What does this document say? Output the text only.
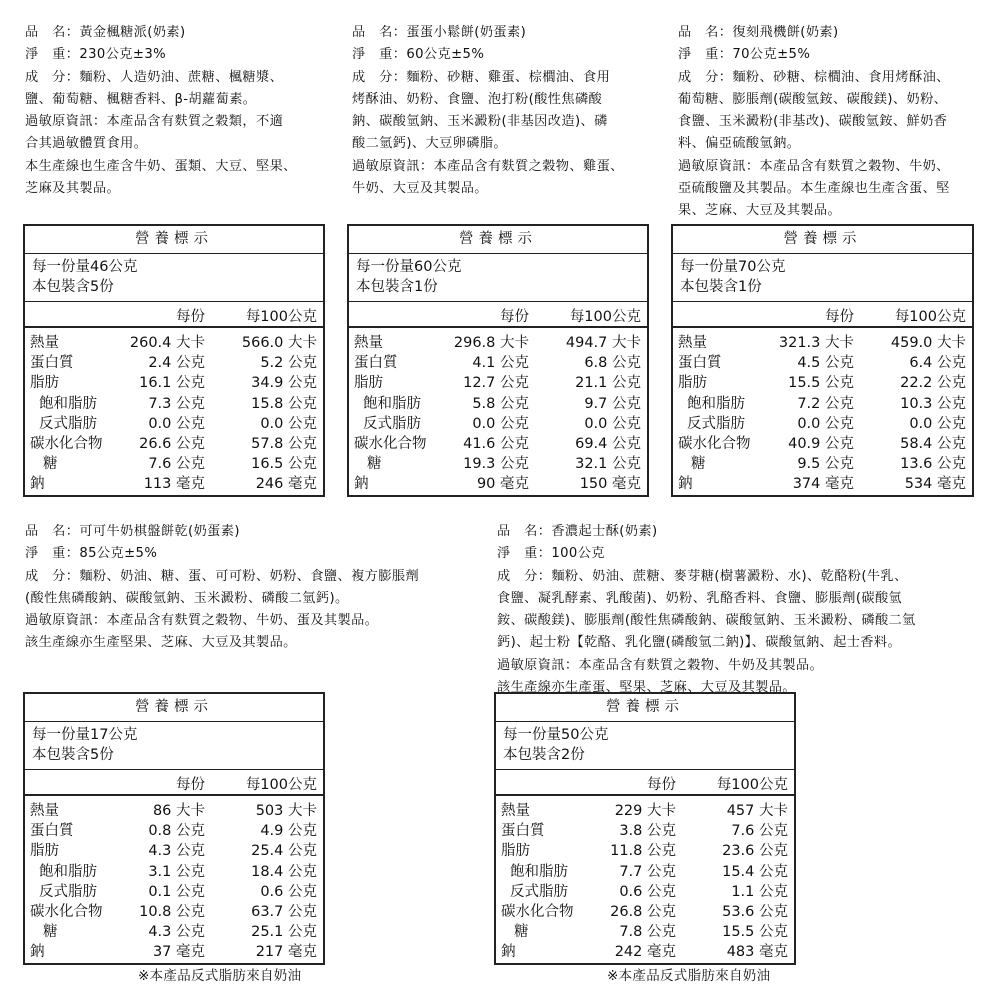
品　名：黃金楓糖派(奶素)

淨　重：230公克±3%

成　分：麵粉、人造奶油、蔗糖、楓糖漿、

鹽、葡萄糖、楓糖香料、β-胡蘿蔔素。

過敏原資訊：本產品含有麩質之穀類，不適

合其過敏體質食用。

本生產線也生產含牛奶、蛋類、大豆、堅果、

芝麻及其製品。

營養標示
每一份量46公克
本包裝含5份
每份	每100公克
熱量	260.4 大卡	566.0 大卡
蛋白質	2.4 公克	5.2 公克
脂肪	16.1 公克	34.9 公克
飽和脂肪	7.3 公克	15.8 公克
反式脂肪	0.0 公克	0.0 公克
碳水化合物	26.6 公克	57.8 公克
糖	7.6 公克	16.5 公克
鈉	113 毫克	246 毫克

品　名：蛋蛋小鬆餅(奶蛋素)

淨　重：60公克±5%

成　分：麵粉、砂糖、雞蛋、棕櫚油、食用

烤酥油、奶粉、食鹽、泡打粉(酸性焦磷酸

鈉、碳酸氫鈉、玉米澱粉(非基因改造)、磷

酸二氫鈣)、大豆卵磷脂。

過敏原資訊：本產品含有麩質之穀物、雞蛋、

牛奶、大豆及其製品。

營養標示
每一份量60公克
本包裝含1份
每份	每100公克
熱量	296.8 大卡	494.7 大卡
蛋白質	4.1 公克	6.8 公克
脂肪	12.7 公克	21.1 公克
飽和脂肪	5.8 公克	9.7 公克
反式脂肪	0.0 公克	0.0 公克
碳水化合物	41.6 公克	69.4 公克
糖	19.3 公克	32.1 公克
鈉	90 毫克	150 毫克

品　名：復刻飛機餅(奶素)

淨　重：70公克±5%

成　分：麵粉、砂糖、棕櫚油、食用烤酥油、

葡萄糖、膨脹劑(碳酸氫銨、碳酸鎂)、奶粉、

食鹽、玉米澱粉(非基改)、碳酸氫銨、鮮奶香

料、偏亞硫酸氫鈉。

過敏原資訊：本產品含有麩質之穀物、牛奶、

亞硫酸鹽及其製品。本生產線也生產含蛋、堅

果、芝麻、大豆及其製品。

營養標示
每一份量70公克
本包裝含1份
每份	每100公克
熱量	321.3 大卡	459.0 大卡
蛋白質	4.5 公克	6.4 公克
脂肪	15.5 公克	22.2 公克
飽和脂肪	7.2 公克	10.3 公克
反式脂肪	0.0 公克	0.0 公克
碳水化合物	40.9 公克	58.4 公克
糖	9.5 公克	13.6 公克
鈉	374 毫克	534 毫克

品　名：可可牛奶棋盤餅乾(奶蛋素)

淨　重：85公克±5%

成　分：麵粉、奶油、糖、蛋、可可粉、奶粉、食鹽、複方膨脹劑

(酸性焦磷酸鈉、碳酸氫鈉、玉米澱粉、磷酸二氫鈣)。

過敏原資訊：本產品含有麩質之穀物、牛奶、蛋及其製品。

該生產線亦生產堅果、芝麻、大豆及其製品。

營養標示
每一份量17公克
本包裝含5份
每份	每100公克
熱量	86 大卡	503 大卡
蛋白質	0.8 公克	4.9 公克
脂肪	4.3 公克	25.4 公克
飽和脂肪	3.1 公克	18.4 公克
反式脂肪	0.1 公克	0.6 公克
碳水化合物	10.8 公克	63.7 公克
糖	4.3 公克	25.1 公克
鈉	37 毫克	217 毫克
※本產品反式脂肪來自奶油

品　名：香濃起士酥(奶素)

淨　重：100公克

成　分：麵粉、奶油、蔗糖、麥芽糖(樹薯澱粉、水)、乾酪粉(牛乳、

食鹽、凝乳酵素、乳酸菌)、奶粉、乳酪香料、食鹽、膨脹劑(碳酸氫

銨、碳酸鎂)、膨脹劑(酸性焦磷酸鈉、碳酸氫鈉、玉米澱粉、磷酸二氫

鈣)、起士粉【乾酪、乳化鹽(磷酸氫二鈉)】、碳酸氫鈉、起士香料。

過敏原資訊：本產品含有麩質之穀物、牛奶及其製品。

該生產線亦生產蛋、堅果、芝麻、大豆及其製品。

營養標示
每一份量50公克
本包裝含2份
每份	每100公克
熱量	229 大卡	457 大卡
蛋白質	3.8 公克	7.6 公克
脂肪	11.8 公克	23.6 公克
飽和脂肪	7.7 公克	15.4 公克
反式脂肪	0.6 公克	1.1 公克
碳水化合物	26.8 公克	53.6 公克
糖	7.8 公克	15.5 公克
鈉	242 毫克	483 毫克
※本產品反式脂肪來自奶油
